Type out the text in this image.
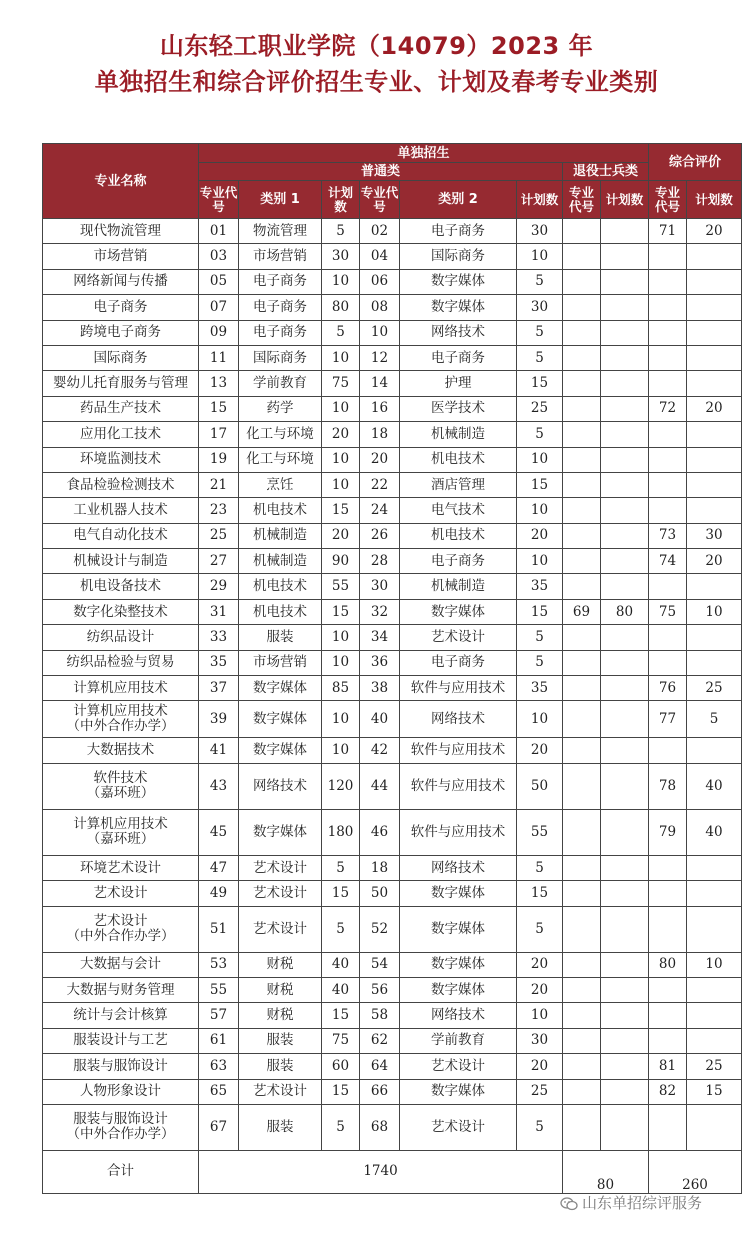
山东轻工职业学院（14079）2023 年
单独招生和综合评价招生专业、计划及春考专业类别
专业名称	单独招生								综合评价	
	普通类						退役士兵类			
	专业代号	类别 1	计划数	专业代号	类别 2	计划数	专业代号	计划数	专业代号	计划数
现代物流管理	01	物流管理	5	02	电子商务	30			71	20
市场营销	03	市场营销	30	04	国际商务	10				
网络新闻与传播	05	电子商务	10	06	数字媒体	5				
电子商务	07	电子商务	80	08	数字媒体	30				
跨境电子商务	09	电子商务	5	10	网络技术	5				
国际商务	11	国际商务	10	12	电子商务	5				
婴幼儿托育服务与管理	13	学前教育	75	14	护理	15				
药品生产技术	15	药学	10	16	医学技术	25			72	20
应用化工技术	17	化工与环境	20	18	机械制造	5				
环境监测技术	19	化工与环境	10	20	机电技术	10				
食品检验检测技术	21	烹饪	10	22	酒店管理	15				
工业机器人技术	23	机电技术	15	24	电气技术	10				
电气自动化技术	25	机械制造	20	26	机电技术	20			73	30
机械设计与制造	27	机械制造	90	28	电子商务	10			74	20
机电设备技术	29	机电技术	55	30	机械制造	35				
数字化染整技术	31	机电技术	15	32	数字媒体	15	69	80	75	10
纺织品设计	33	服装	10	34	艺术设计	5				
纺织品检验与贸易	35	市场营销	10	36	电子商务	5				
计算机应用技术	37	数字媒体	85	38	软件与应用技术	35			76	25
计算机应用技术
（中外合作办学）	39	数字媒体	10	40	网络技术	10			77	5
大数据技术	41	数字媒体	10	42	软件与应用技术	20				
软件技术
（嘉环班）	43	网络技术	120	44	软件与应用技术	50			78	40
计算机应用技术
（嘉环班）	45	数字媒体	180	46	软件与应用技术	55			79	40
环境艺术设计	47	艺术设计	5	18	网络技术	5				
艺术设计	49	艺术设计	15	50	数字媒体	15				
艺术设计
（中外合作办学）	51	艺术设计	5	52	数字媒体	5				
大数据与会计	53	财税	40	54	数字媒体	20			80	10
大数据与财务管理	55	财税	40	56	数字媒体	20				
统计与会计核算	57	财税	15	58	网络技术	10				
服装设计与工艺	61	服装	75	62	学前教育	30				
服装与服饰设计	63	服装	60	64	艺术设计	20			81	25
人物形象设计	65	艺术设计	15	66	数字媒体	25			82	15
服装与服饰设计
（中外合作办学）	67	服装	5	68	艺术设计	5				
合计	1740						80		260	
山东单招综评服务
